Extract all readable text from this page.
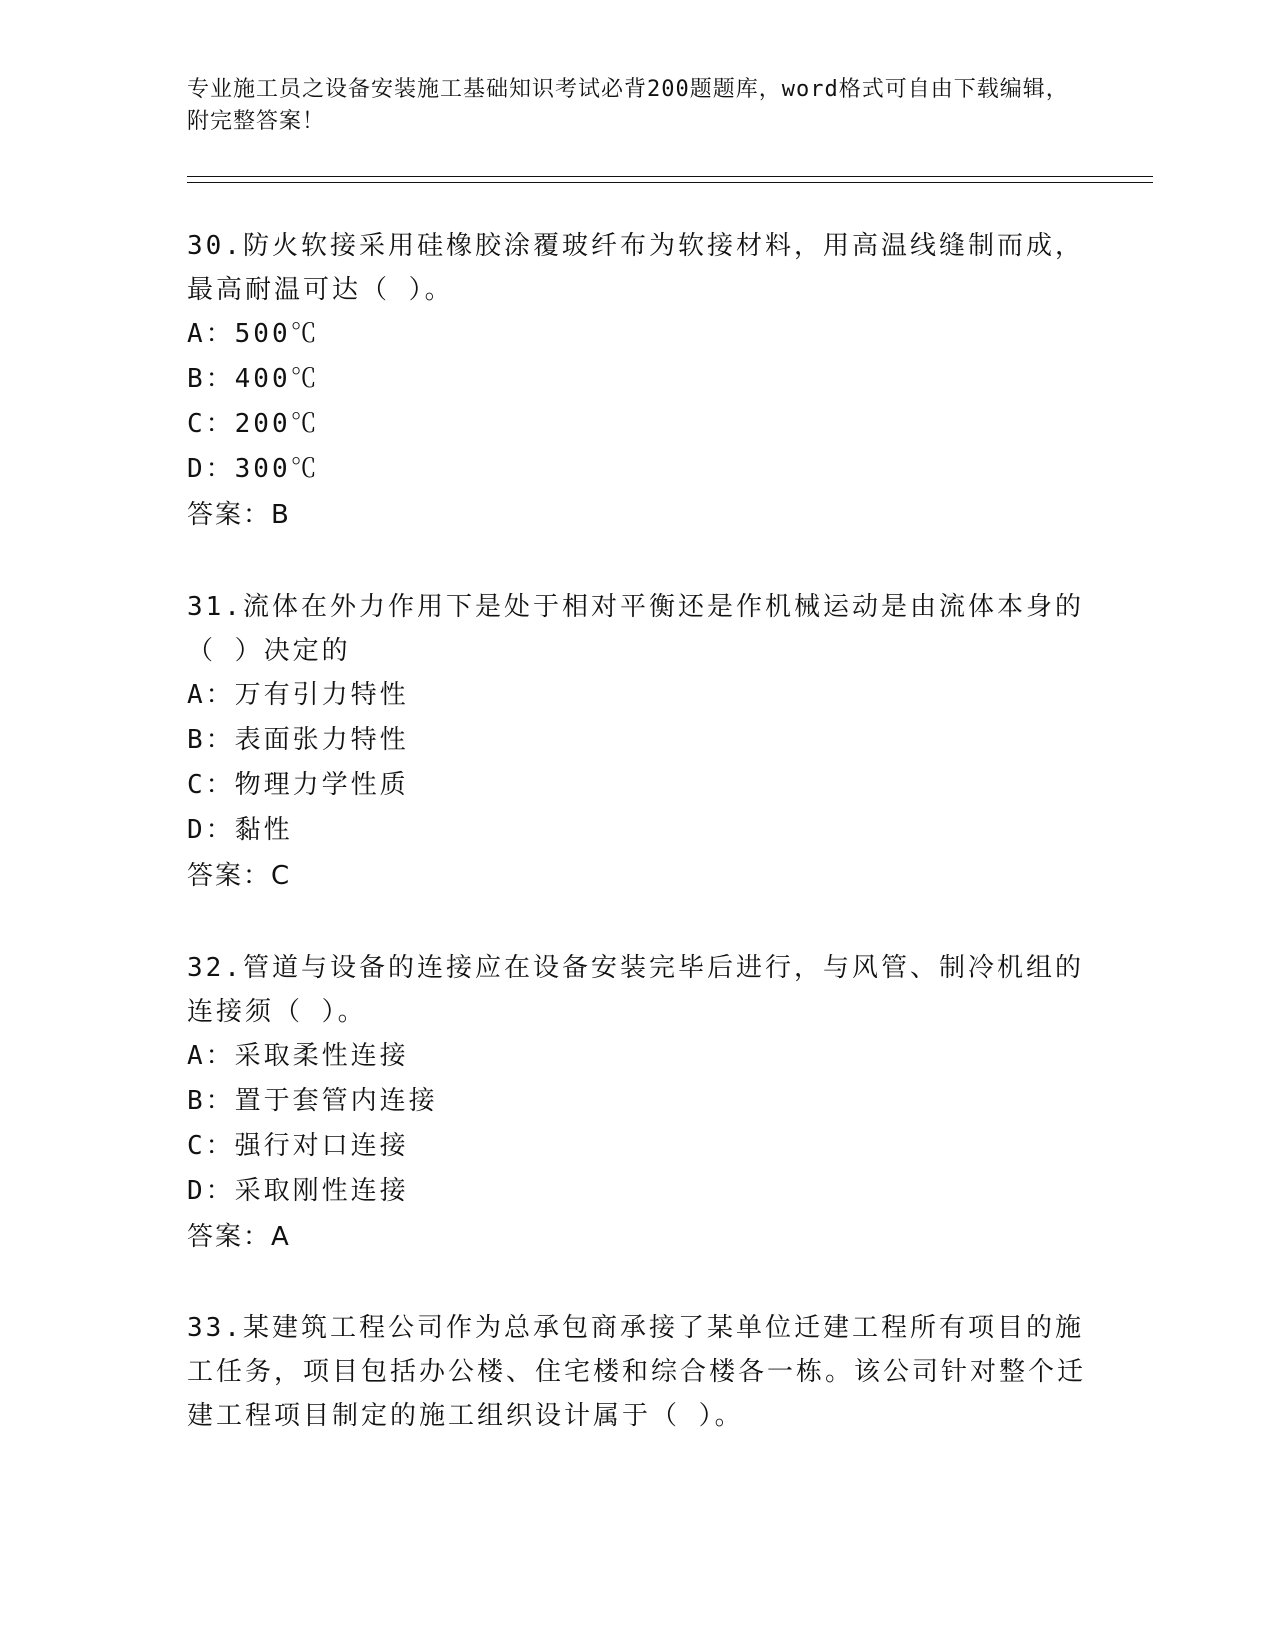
专业施工员之设备安装施工基础知识考试必背200题题库，word格式可自由下载编辑，附完整答案！

30.防火软接采用硅橡胶涂覆玻纤布为软接材料，用高温线缝制而成，最高耐温可达（ ）。

A：500℃
B：400℃
C：200℃
D：300℃
答案：B

31.流体在外力作用下是处于相对平衡还是作机械运动是由流体本身的（ ）决定的

A：万有引力特性
B：表面张力特性
C：物理力学性质
D：黏性
答案：C

32.管道与设备的连接应在设备安装完毕后进行，与风管、制冷机组的连接须（ ）。

A：采取柔性连接
B：置于套管内连接
C：强行对口连接
D：采取刚性连接
答案：A

33.某建筑工程公司作为总承包商承接了某单位迁建工程所有项目的施工任务，项目包括办公楼、住宅楼和综合楼各一栋。该公司针对整个迁建工程项目制定的施工组织设计属于（ ）。
